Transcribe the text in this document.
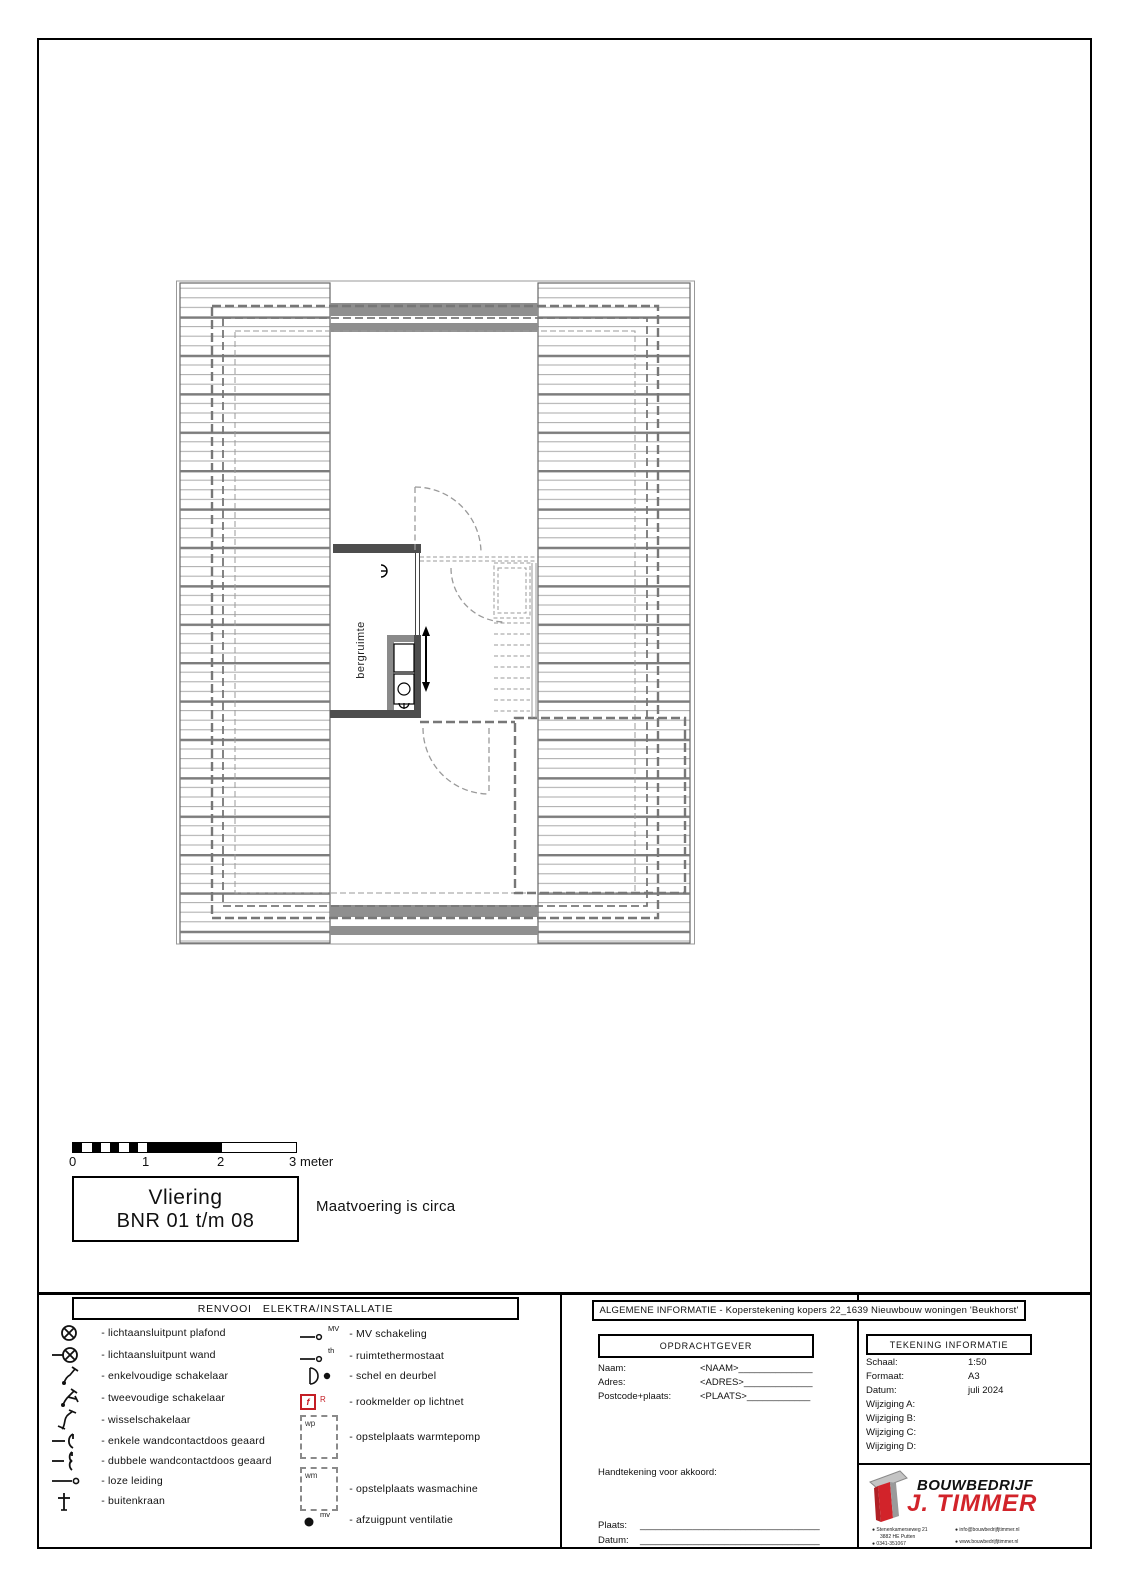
bergruimte
0	1	2	3 meter
Vliering
BNR 01 t/m 08
Maatvoering is circa
RENVOOI   ELEKTRA/INSTALLATIE
- lichtaansluitpunt plafond
- lichtaansluitpunt wand
- enkelvoudige schakelaar
- tweevoudige schakelaar
- wisselschakelaar
- enkele wandcontactdoos geaard
- dubbele wandcontactdoos geaard
- loze leiding
- buitenkraan
MV - MV schakeling
th	- ruimtethermostaat
- schel en deurbel
f	R	- rookmelder op lichtnet
wp
- opstelplaats warmtepomp
wm
- opstelplaats wasmachine
mv	- afzuigpunt ventilatie
ALGEMENE INFORMATIE - Koperstekening kopers 22_1639 Nieuwbouw woningen 'Beukhorst'
OPDRACHTGEVER
Naam:	<NAAM>______________
Adres:	<ADRES>_____________
Postcode+plaats:	<PLAATS>____________
Handtekening voor akkoord:
Plaats: __________________________________
Datum: __________________________________
TEKENING INFORMATIE
Schaal:	1:50
Formaat:	A3
Datum:	juli 2024
Wijziging A:
Wijziging B:
Wijziging C:
Wijziging D:
BOUWBEDRIJF
J. TIMMER
● Stenenkamerseweg 21
3882 HE Putten
● 0341-351067
● info@bouwbedrijfjtimmer.nl
● www.bouwbedrijfjtimmer.nl
